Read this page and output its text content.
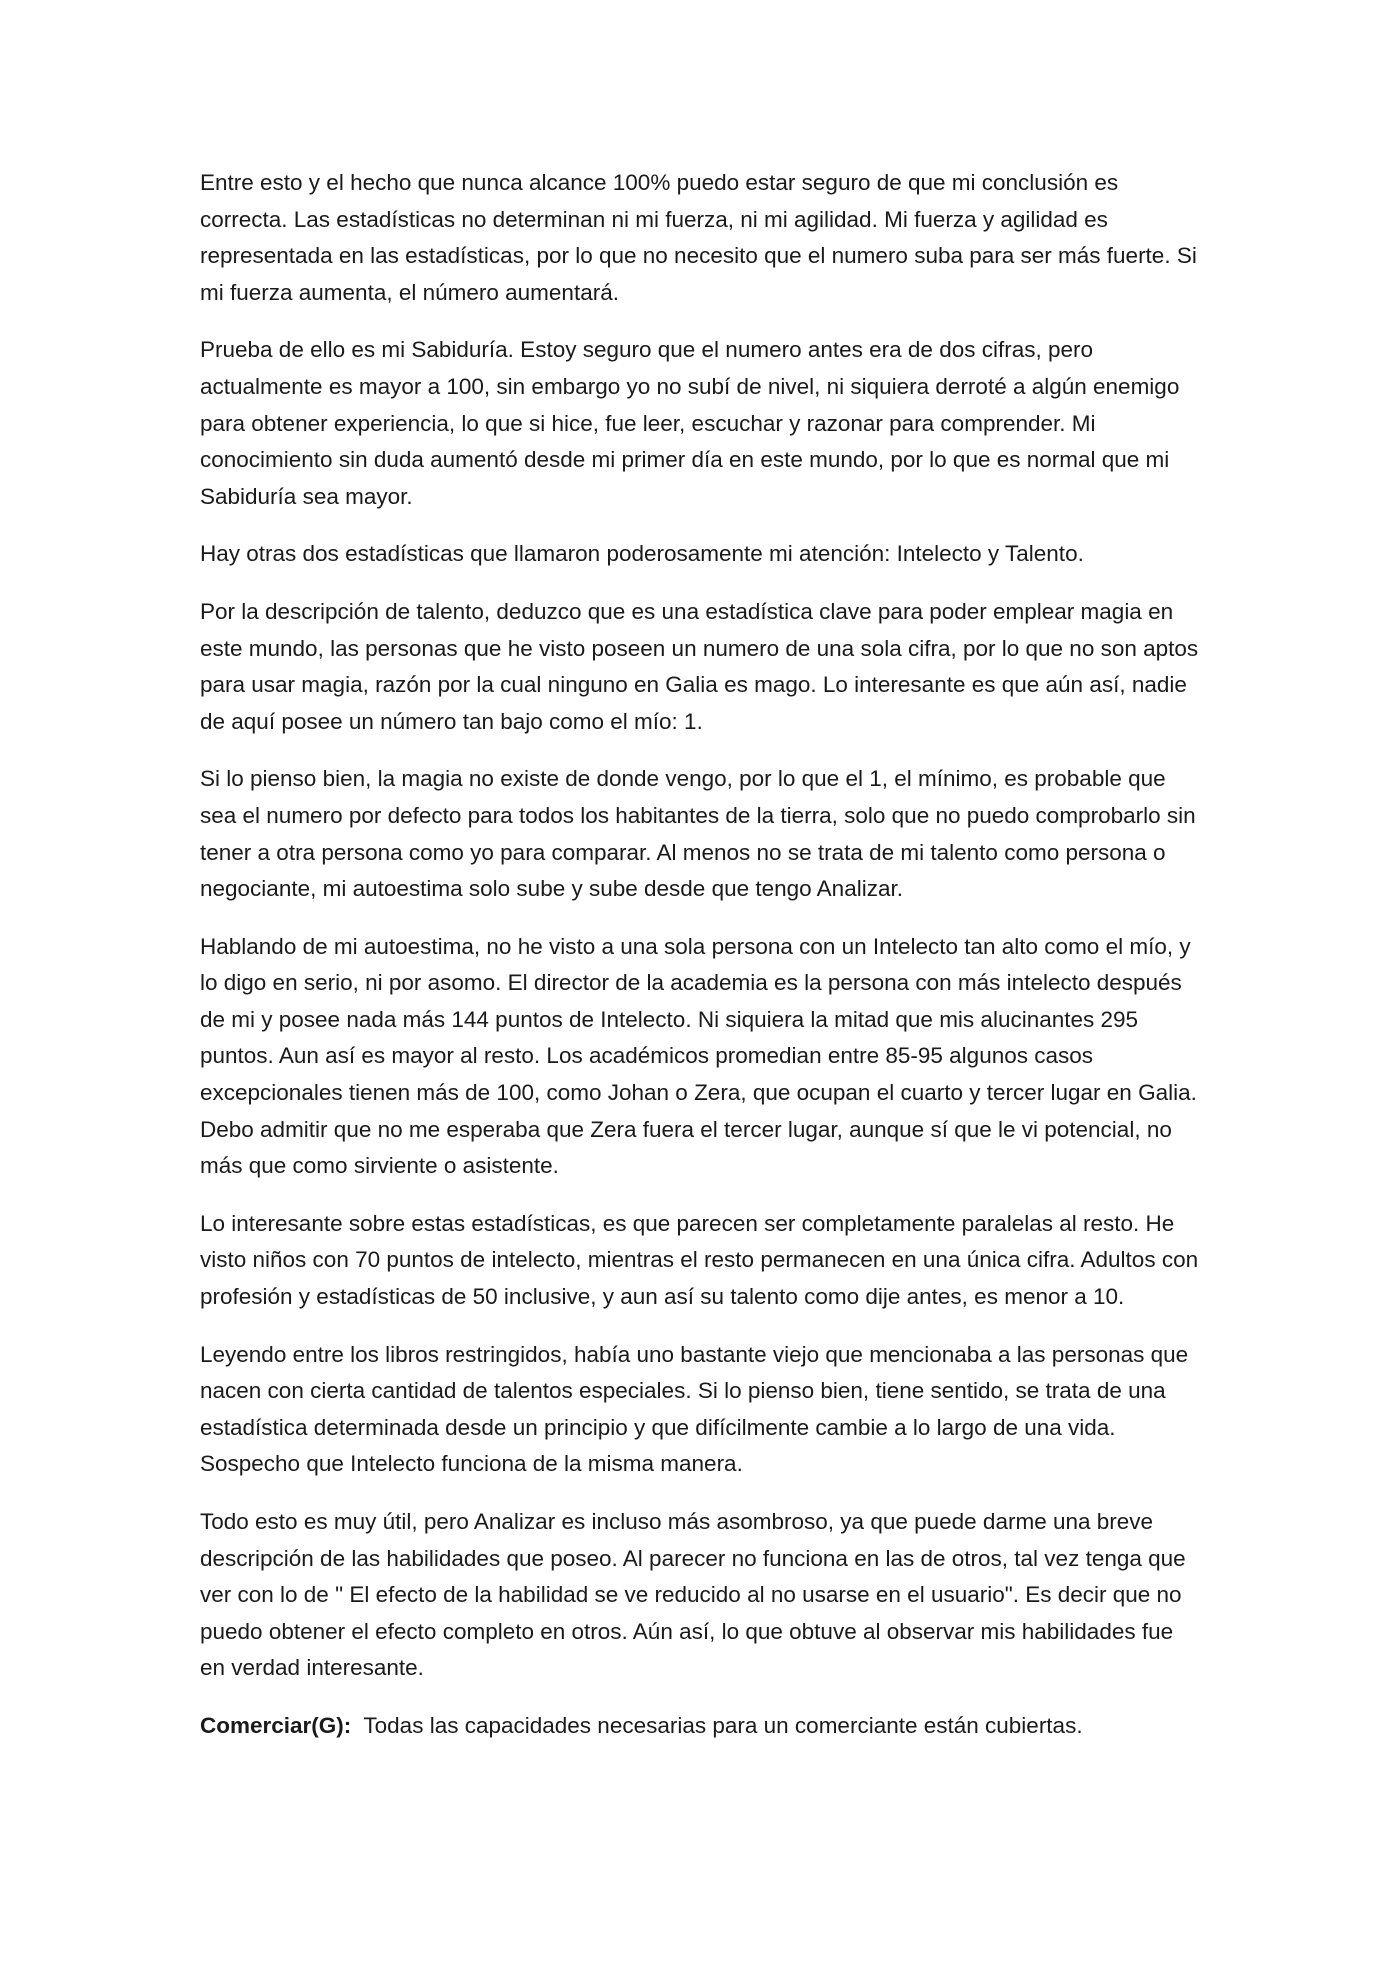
Entre esto y el hecho que nunca alcance 100% puedo estar seguro de que mi conclusión es correcta. Las estadísticas no determinan ni mi fuerza, ni mi agilidad. Mi fuerza y agilidad es representada en las estadísticas, por lo que no necesito que el numero suba para ser más fuerte. Si mi fuerza aumenta, el número aumentará.

Prueba de ello es mi Sabiduría. Estoy seguro que el numero antes era de dos cifras, pero actualmente es mayor a 100, sin embargo yo no subí de nivel, ni siquiera derroté a algún enemigo para obtener experiencia, lo que si hice, fue leer, escuchar y razonar para comprender. Mi conocimiento sin duda aumentó desde mi primer día en este mundo, por lo que es normal que mi Sabiduría sea mayor.

Hay otras dos estadísticas que llamaron poderosamente mi atención: Intelecto y Talento.

Por la descripción de talento, deduzco que es una estadística clave para poder emplear magia en este mundo, las personas que he visto poseen un numero de una sola cifra, por lo que no son aptos para usar magia, razón por la cual ninguno en Galia es mago. Lo interesante es que aún así, nadie de aquí posee un número tan bajo como el mío: 1.

Si lo pienso bien, la magia no existe de donde vengo, por lo que el 1, el mínimo, es probable que sea el numero por defecto para todos los habitantes de la tierra, solo que no puedo comprobarlo sin tener a otra persona como yo para comparar. Al menos no se trata de mi talento como persona o negociante, mi autoestima solo sube y sube desde que tengo Analizar.

Hablando de mi autoestima, no he visto a una sola persona con un Intelecto tan alto como el mío, y lo digo en serio, ni por asomo. El director de la academia es la persona con más intelecto después de mi y posee nada más 144 puntos de Intelecto. Ni siquiera la mitad que mis alucinantes 295 puntos. Aun así es mayor al resto. Los académicos promedian entre 85-95 algunos casos excepcionales tienen más de 100, como Johan o Zera, que ocupan el cuarto y tercer lugar en Galia. Debo admitir que no me esperaba que Zera fuera el tercer lugar, aunque sí que le vi potencial, no más que como sirviente o asistente.

Lo interesante sobre estas estadísticas, es que parecen ser completamente paralelas al resto. He visto niños con 70 puntos de intelecto, mientras el resto permanecen en una única cifra. Adultos con profesión y estadísticas de 50 inclusive, y aun así su talento como dije antes, es menor a 10.

Leyendo entre los libros restringidos, había uno bastante viejo que mencionaba a las personas que nacen con cierta cantidad de talentos especiales. Si lo pienso bien, tiene sentido, se trata de una estadística determinada desde un principio y que difícilmente cambie a lo largo de una vida. Sospecho que Intelecto funciona de la misma manera.

Todo esto es muy útil, pero Analizar es incluso más asombroso, ya que puede darme una breve descripción de las habilidades que poseo. Al parecer no funciona en las de otros, tal vez tenga que ver con lo de " El efecto de la habilidad se ve reducido al no usarse en el usuario". Es decir que no puedo obtener el efecto completo en otros. Aún así, lo que obtuve al observar mis habilidades fue en verdad interesante.

Comerciar(G): Todas las capacidades necesarias para un comerciante están cubiertas.
